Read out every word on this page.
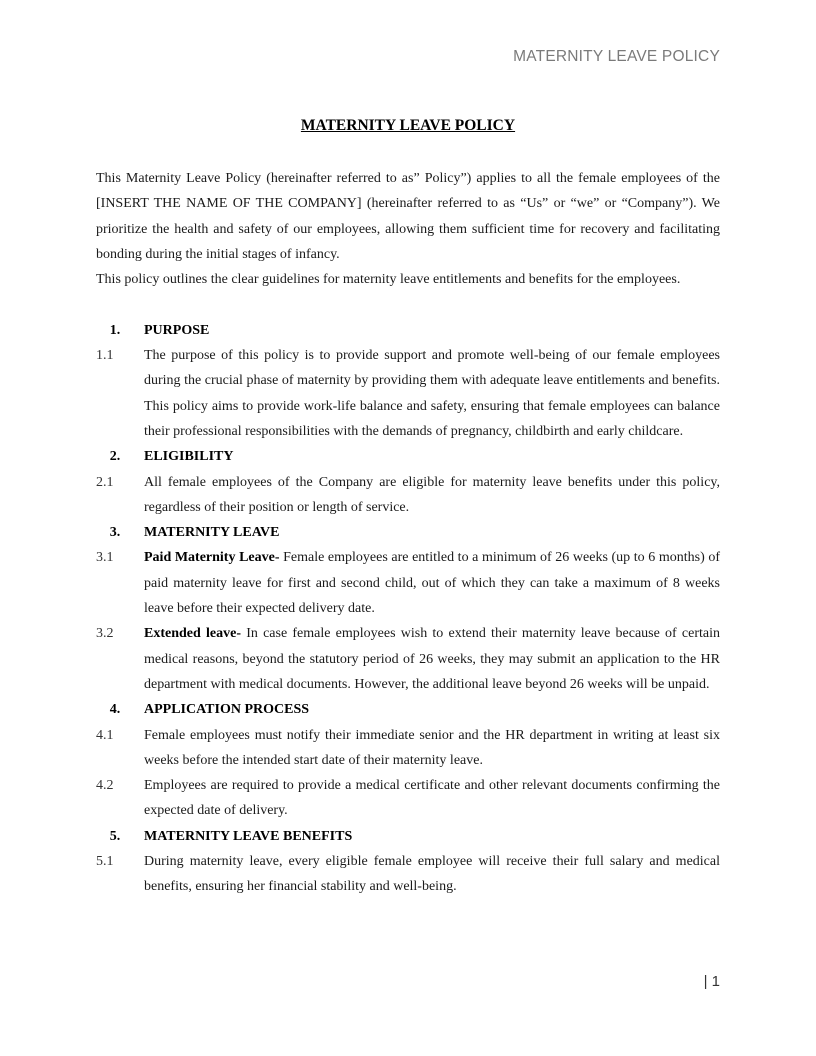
MATERNITY LEAVE POLICY
MATERNITY LEAVE POLICY

This Maternity Leave Policy (hereinafter referred to as” Policy”) applies to all the female employees of the [INSERT THE NAME OF THE COMPANY] (hereinafter referred to as “Us” or “we” or “Company”). We prioritize the health and safety of our employees, allowing them sufficient time for recovery and facilitating bonding during the initial stages of infancy.

This policy outlines the clear guidelines for maternity leave entitlements and benefits for the employees.

1.	PURPOSE
1.1	The purpose of this policy is to provide support and promote well-being of our female employees during the crucial phase of maternity by providing them with adequate leave entitlements and benefits. This policy aims to provide work-life balance and safety, ensuring that female employees can balance their professional responsibilities with the demands of pregnancy, childbirth and early childcare.
2.	ELIGIBILITY
2.1	All female employees of the Company are eligible for maternity leave benefits under this policy, regardless of their position or length of service.
3.	MATERNITY LEAVE
3.1	Paid Maternity Leave- Female employees are entitled to a minimum of 26 weeks (up to 6 months) of paid maternity leave for first and second child, out of which they can take a maximum of 8 weeks leave before their expected delivery date.
3.2	Extended leave- In case female employees wish to extend their maternity leave because of certain medical reasons, beyond the statutory period of 26 weeks, they may submit an application to the HR department with medical documents. However, the additional leave beyond 26 weeks will be unpaid.
4.	APPLICATION PROCESS
4.1	Female employees must notify their immediate senior and the HR department in writing at least six weeks before the intended start date of their maternity leave.
4.2	Employees are required to provide a medical certificate and other relevant documents confirming the expected date of delivery.
5.	MATERNITY LEAVE BENEFITS
5.1	During maternity leave, every eligible female employee will receive their full salary and medical benefits, ensuring her financial stability and well-being.
| 1
